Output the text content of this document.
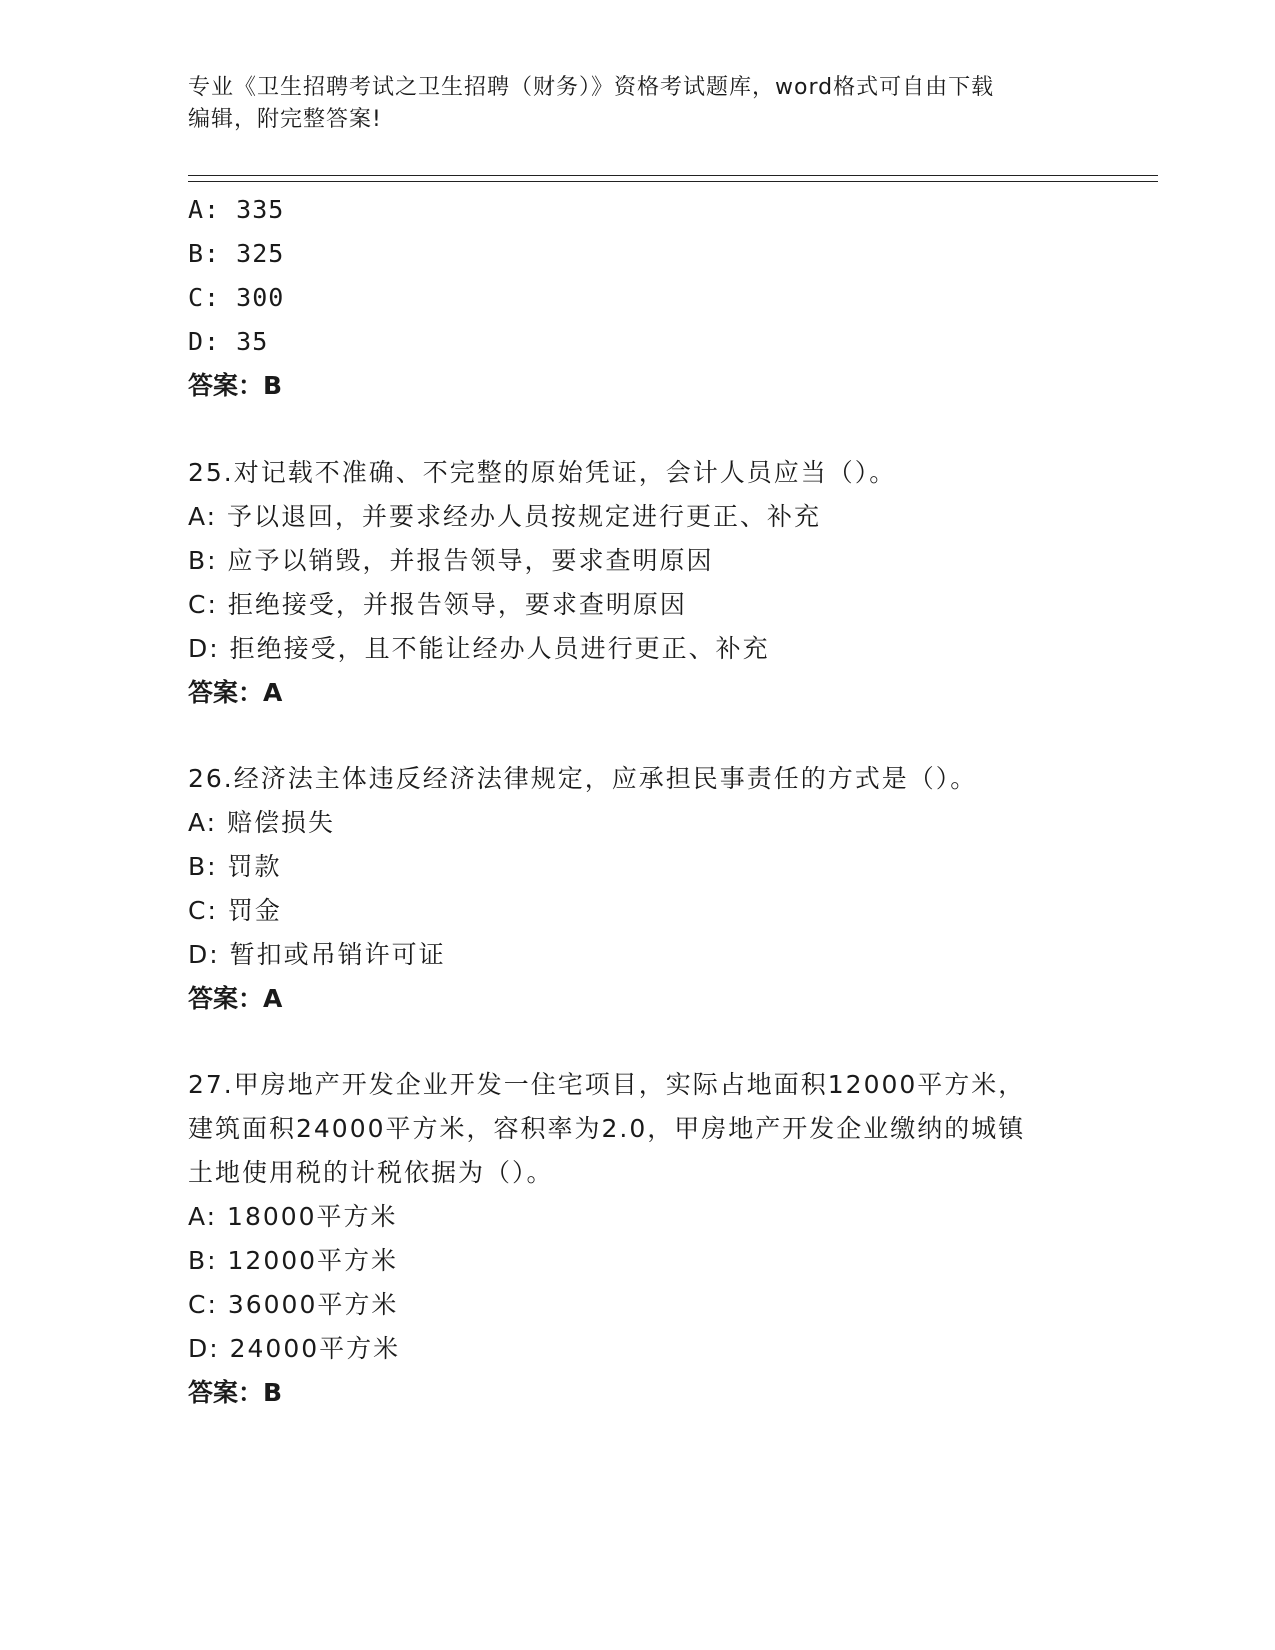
专业《卫生招聘考试之卫生招聘（财务）》资格考试题库，word格式可自由下载
编辑，附完整答案!
A: 335
B: 325
C: 300
D: 35
答案：B
25.对记载不准确、不完整的原始凭证，会计人员应当（）。
A: 予以退回，并要求经办人员按规定进行更正、补充
B: 应予以销毁，并报告领导，要求查明原因
C: 拒绝接受，并报告领导，要求查明原因
D: 拒绝接受，且不能让经办人员进行更正、补充
答案：A
26.经济法主体违反经济法律规定，应承担民事责任的方式是（）。
A: 赔偿损失
B: 罚款
C: 罚金
D: 暂扣或吊销许可证
答案：A
27.甲房地产开发企业开发一住宅项目，实际占地面积12000平方米，
建筑面积24000平方米，容积率为2.0，甲房地产开发企业缴纳的城镇
土地使用税的计税依据为（）。
A: 18000平方米
B: 12000平方米
C: 36000平方米
D: 24000平方米
答案：B
